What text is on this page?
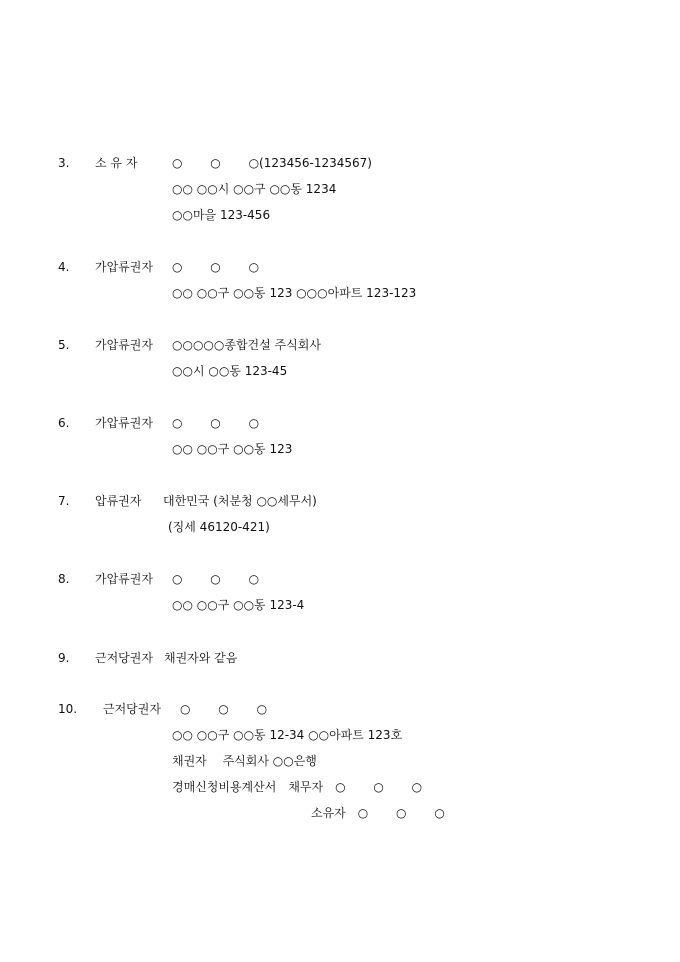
3. 소 유 자	○　　 ○　　 ○(123456-1234567)
○○ ○○시 ○○구 ○○동 1234
○○마을 123-456
4. 가압류권자 ○　　 ○　　 ○
○○ ○○구 ○○동 123 ○○○아파트 123-123
5. 가압류권자 ○○○○○종합건설 주식회사
○○시 ○○동 123-45
6. 가압류권자 ○　　 ○　　 ○
○○ ○○구 ○○동 123
7. 압류권자 대한민국 (처분청 ○○세무서)
(징세 46120-421)
8. 가압류권자 ○　　 ○　　 ○
○○ ○○구 ○○동 123-4
9. 근저당권자 채권자와 같음
10. 근저당권자 ○　　 ○　　 ○
○○ ○○구 ○○동 12-34 ○○아파트 123호
채권자　 주식회사 ○○은행
경매신청비용계산서　채무자　○　　 ○　　 ○
소유자　○　　 ○　　 ○
